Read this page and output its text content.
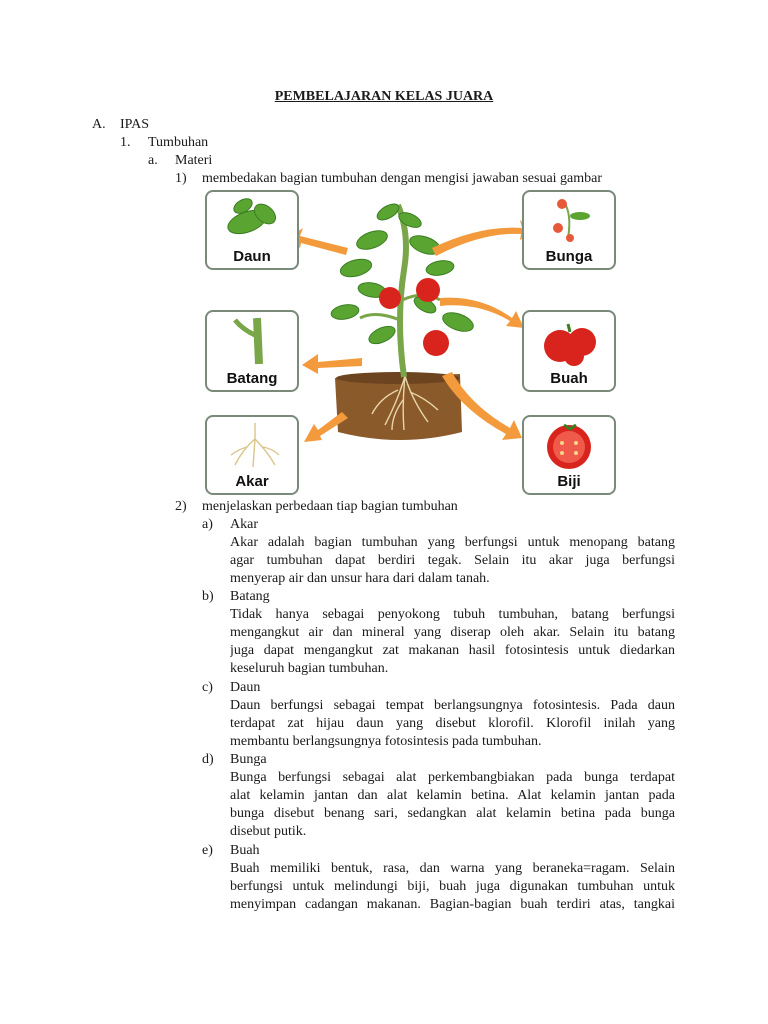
PEMBELAJARAN KELAS JUARA
A. IPAS
1. Tumbuhan
a. Materi
1) membedakan bagian tumbuhan dengan mengisi jawaban sesuai gambar
Daun	Bunga
Batang	Buah
Akar	Biji
2) menjelaskan perbedaan tiap bagian tumbuhan
a) Akar
Akar adalah bagian tumbuhan yang berfungsi untuk menopang batang
agar tumbuhan dapat berdiri tegak. Selain itu akar juga berfungsi
menyerap air dan unsur hara dari dalam tanah.
b) Batang
Tidak hanya sebagai penyokong tubuh tumbuhan, batang berfungsi
mengangkut air dan mineral yang diserap oleh akar. Selain itu batang
juga dapat mengangkut zat makanan hasil fotosintesis untuk diedarkan
keseluruh bagian tumbuhan.
c) Daun
Daun berfungsi sebagai tempat berlangsungnya fotosintesis. Pada daun
terdapat zat hijau daun yang disebut klorofil. Klorofil inilah yang
membantu berlangsungnya fotosintesis pada tumbuhan.
d) Bunga
Bunga berfungsi sebagai alat perkembangbiakan pada bunga terdapat
alat kelamin jantan dan alat kelamin betina. Alat kelamin jantan pada
bunga disebut benang sari, sedangkan alat kelamin betina pada bunga
disebut putik.
e) Buah
Buah memiliki bentuk, rasa, dan warna yang beraneka=ragam. Selain
berfungsi untuk melindungi biji, buah juga digunakan tumbuhan untuk
menyimpan cadangan makanan. Bagian-bagian buah terdiri atas, tangkai
